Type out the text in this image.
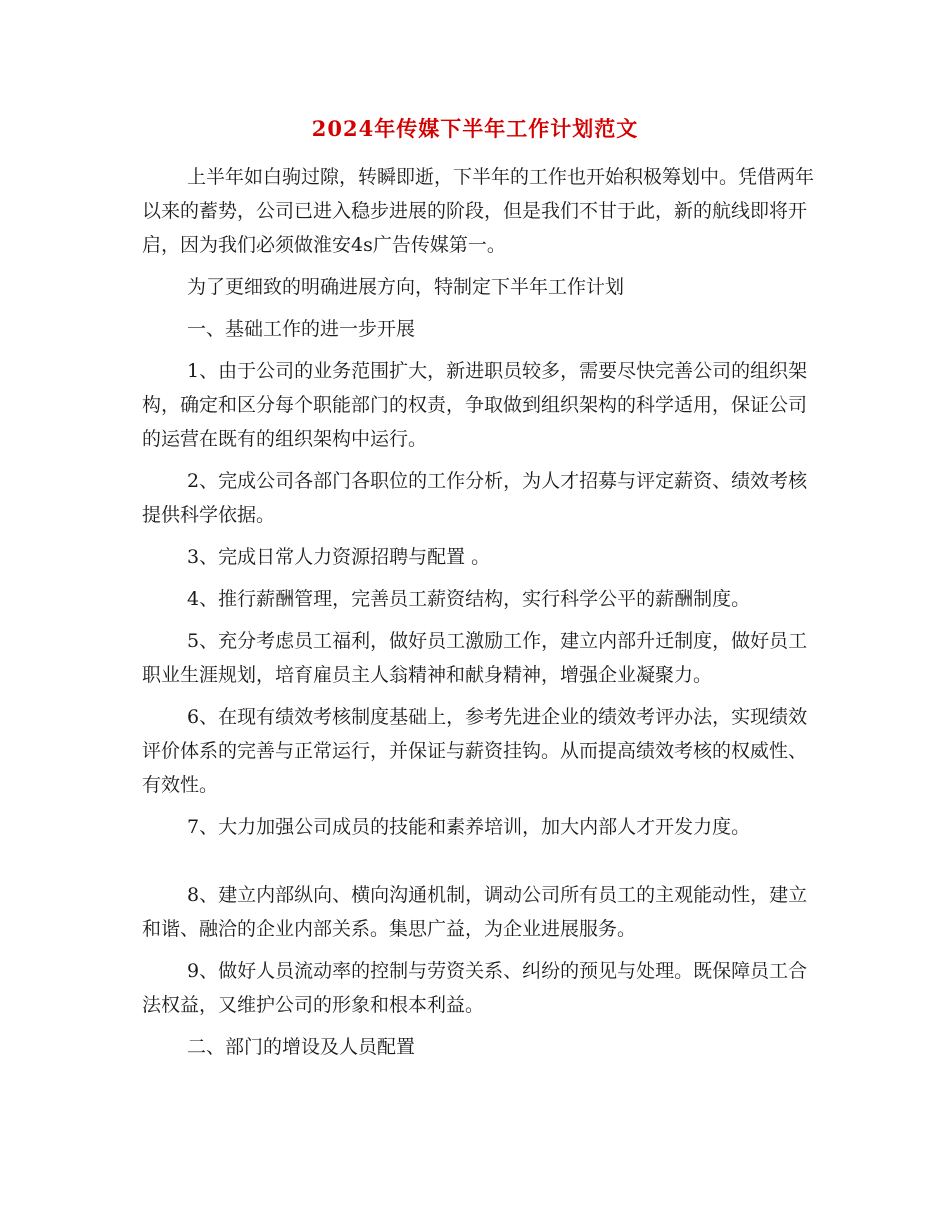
2024年传媒下半年工作计划范文

上半年如白驹过隙，转瞬即逝，下半年的工作也开始积极筹划中。凭借两年以来的蓄势，公司已进入稳步进展的阶段，但是我们不甘于此，新的航线即将开启，因为我们必须做淮安4s广告传媒第一。

为了更细致的明确进展方向，特制定下半年工作计划

一、基础工作的进一步开展

1、由于公司的业务范围扩大，新进职员较多，需要尽快完善公司的组织架构，确定和区分每个职能部门的权责，争取做到组织架构的科学适用，保证公司的运营在既有的组织架构中运行。

2、完成公司各部门各职位的工作分析，为人才招募与评定薪资、绩效考核提供科学依据。

3、完成日常人力资源招聘与配置 。

4、推行薪酬管理，完善员工薪资结构，实行科学公平的薪酬制度。

5、充分考虑员工福利，做好员工激励工作，建立内部升迁制度，做好员工职业生涯规划，培育雇员主人翁精神和献身精神，增强企业凝聚力。

6、在现有绩效考核制度基础上，参考先进企业的绩效考评办法，实现绩效评价体系的完善与正常运行，并保证与薪资挂钩。从而提高绩效考核的权威性、有效性。

7、大力加强公司成员的技能和素养培训，加大内部人才开发力度。

8、建立内部纵向、横向沟通机制，调动公司所有员工的主观能动性，建立和谐、融洽的企业内部关系。集思广益，为企业进展服务。

9、做好人员流动率的控制与劳资关系、纠纷的预见与处理。既保障员工合法权益，又维护公司的形象和根本利益。

二、部门的增设及人员配置
